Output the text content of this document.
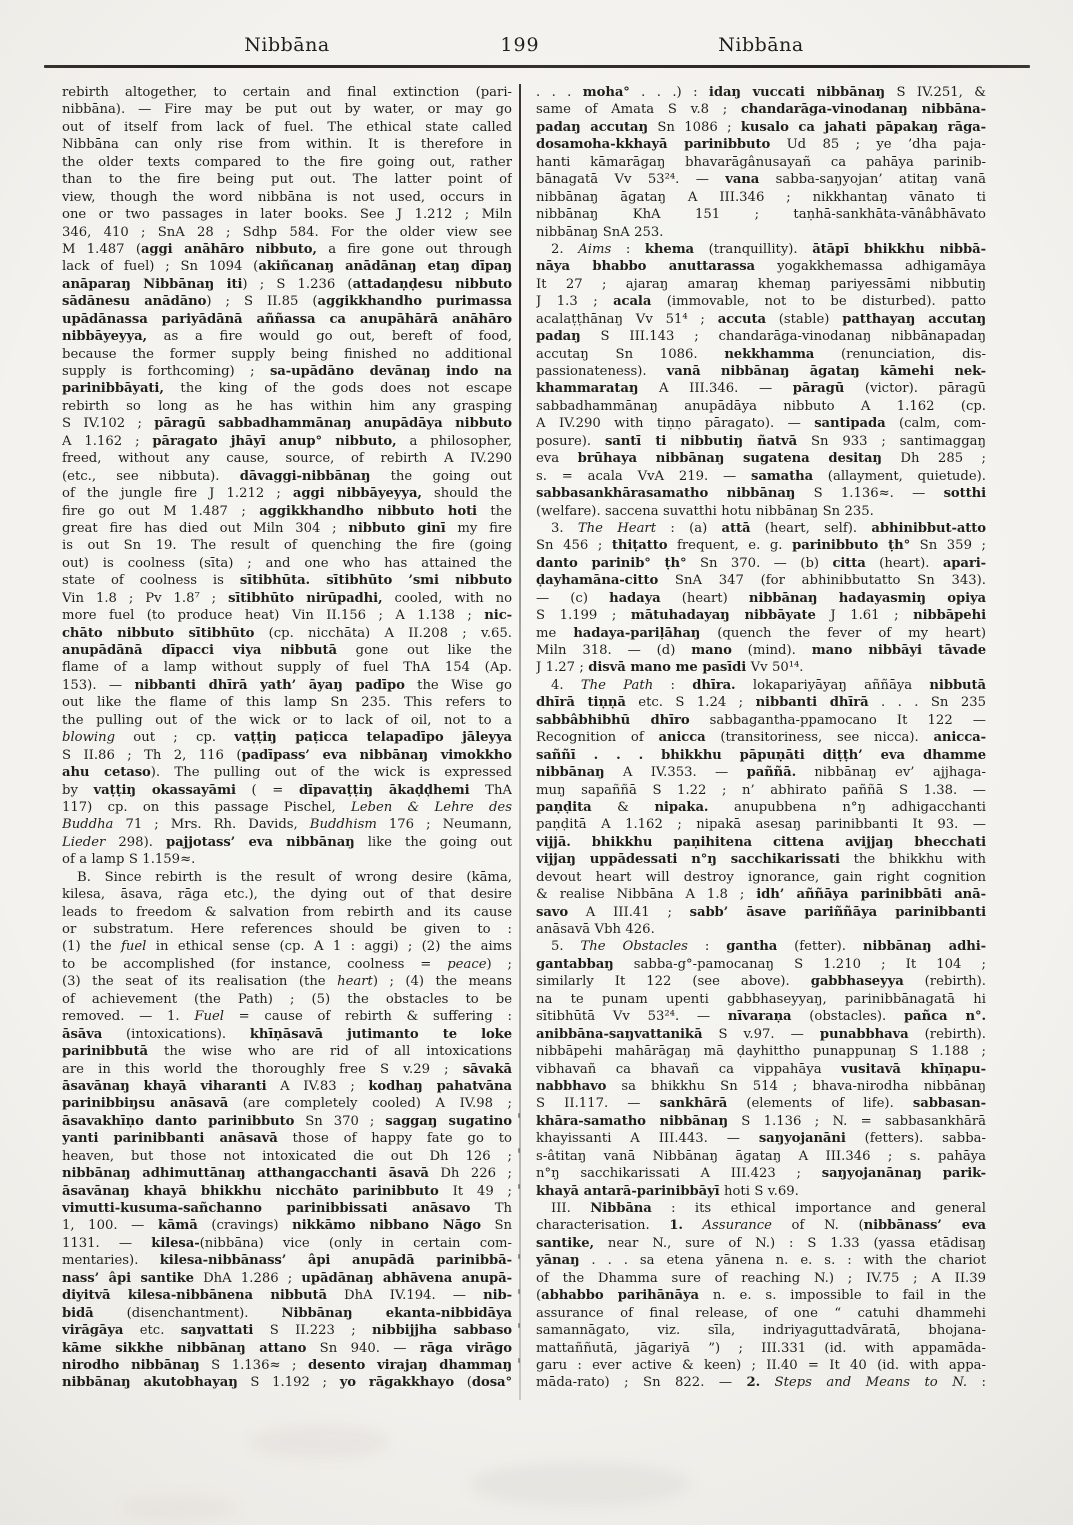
Nibbāna	199	Nibbāna
rebirth altogether, to certain and final extinction (pari-
nibbāna). — Fire may be put out by water, or may go
out of itself from lack of fuel. The ethical state called
Nibbāna can only rise from within. It is therefore in
the older texts compared to the fire going out, rather
than to the fire being put out. The latter point of
view, though the word nibbāna is not used, occurs in
one or two passages in later books. See J 1.212 ; Miln
346, 410 ; SnA 28 ; Sdhp 584. For the older view see
M 1.487 (aggi anāhāro nibbuto, a fire gone out through
lack of fuel) ; Sn 1094 (akiñcanaŋ anādānaŋ etaŋ dīpaŋ
anāparaŋ Nibbānaŋ iti) ; S 1.236 (attadaṇḍesu nibbuto
sādānesu anādāno) ; S II.85 (aggikkhandho purimassa
upādānassa pariyādānā aññassa ca anupāhārā anāhāro
nibbāyeyya, as a fire would go out, bereft of food,
because the former supply being finished no additional
supply is forthcoming) ; sa-upādāno devānaŋ indo na
parinibbāyati, the king of the gods does not escape
rebirth so long as he has within him any grasping
S IV.102 ; pāragū sabbadhammānaŋ anupādāya nibbuto
A 1.162 ; pāragato jhāyī anup° nibbuto, a philosopher,
freed, without any cause, source, of rebirth A IV.290
(etc., see nibbuta). dāvaggi-nibbānaŋ the going out
of the jungle fire J 1.212 ; aggi nibbāyeyya, should the
fire go out M 1.487 ; aggikkhandho nibbuto hoti the
great fire has died out Miln 304 ; nibbuto ginī my fire
is out Sn 19. The result of quenching the fire (going
out) is coolness (sīta) ; and one who has attained the
state of coolness is sītibhūta. sītibhūto ’smi nibbuto
Vin 1.8 ; Pv 1.8⁷ ; sītibhūto nirūpadhi, cooled, with no
more fuel (to produce heat) Vin II.156 ; A 1.138 ; nic-
chāto nibbuto sītibhūto (cp. nicchāta) A II.208 ; v.65.
anupādānā dīpacci viya nibbutā gone out like the
flame of a lamp without supply of fuel ThA 154 (Ap.
153). — nibbanti dhīrā yath’ āyaŋ padīpo the Wise go
out like the flame of this lamp Sn 235. This refers to
the pulling out of the wick or to lack of oil, not to a
blowing out ; cp. vaṭṭiŋ paṭicca telapadīpo jāleyya
S II.86 ; Th 2, 116 (padīpass’ eva nibbānaŋ vimokkho
ahu cetaso). The pulling out of the wick is expressed
by vaṭṭiŋ okassayāmi ( = dīpavaṭṭiŋ ākaḍḍhemi ThA
117) cp. on this passage Pischel, Leben & Lehre des
Buddha 71 ; Mrs. Rh. Davids, Buddhism 176 ; Neumann,
Lieder 298). pajjotass’ eva nibbānaŋ like the going out
of a lamp S 1.159≈.
B. Since rebirth is the result of wrong desire (kāma,
kilesa, āsava, rāga etc.), the dying out of that desire
leads to freedom & salvation from rebirth and its cause
or substratum. Here references should be given to :
(1) the fuel in ethical sense (cp. A 1 : aggi) ; (2) the aims
to be accomplished (for instance, coolness = peace) ;
(3) the seat of its realisation (the heart) ; (4) the means
of achievement (the Path) ; (5) the obstacles to be
removed. — 1. Fuel = cause of rebirth & suffering :
āsāva (intoxications). khīṇāsavā jutimanto te loke
parinibbutā the wise who are rid of all intoxications
are in this world the thoroughly free S v.29 ; sāvakā
āsavānaŋ khayā viharanti A IV.83 ; kodhaŋ pahatvāna
parinibbiŋsu anāsavā (are completely cooled) A IV.98 ;
āsavakhīṇo danto parinibbuto Sn 370 ; saggaŋ sugatino
yanti parinibbanti anāsavā those of happy fate go to
heaven, but those not intoxicated die out Dh 126 ;
nibbānaŋ adhimuttānaŋ atthangacchanti āsavā Dh 226 ;
āsavānaŋ khayā bhikkhu nicchāto parinibbuto It 49 ;
vimutti-kusuma-sañchanno parinibbissati anāsavo Th
1, 100. — kāmā (cravings) nikkāmo nibbano Nāgo Sn
1131. — kilesa-(nibbāna) vice (only in certain com-
mentaries). kilesa-nibbānass’ âpi anupādā parinibbā-
nass’ âpi santike DhA 1.286 ; upādānaŋ abhāvena anupā-
diyitvā kilesa-nibbānena nibbutā DhA IV.194. — nib-
bidā (disenchantment). Nibbānaŋ ekanta-nibbidāya
virāgāya etc. saŋvattati S II.223 ; nibbijjha sabbaso
kāme sikkhe nibbānaŋ attano Sn 940. — rāga virāgo
nirodho nibbānaŋ S 1.136≈ ; desento virajaŋ dhammaŋ
nibbānaŋ akutobhayaŋ S 1.192 ; yo rāgakkhayo (dosa°
. . . moha° . . .) : idaŋ vuccati nibbānaŋ S IV.251, &
same of Amata S v.8 ; chandarāga-vinodanaŋ nibbāna-
padaŋ accutaŋ Sn 1086 ; kusalo ca jahati pāpakaŋ rāga-
dosamoha-kkhayā parinibbuto Ud 85 ; ye ’dha paja-
hanti kāmarāgaŋ bhavarāgânusayañ ca pahāya parinib-
bānagatā Vv 53²⁴. — vana sabba-saŋyojan’ atitaŋ vanā
nibbānaŋ āgataŋ A III.346 ; nikkhantaŋ vānato ti
nibbānaŋ KhA 151 ; taṇhā-sankhāta-vānâbhāvato
nibbānaŋ SnA 253.
2. Aims : khema (tranquillity). ātāpī bhikkhu nibbā-
nāya bhabbo anuttarassa yogakkhemassa adhigamāya
It 27 ; ajaraŋ amaraŋ khemaŋ pariyessāmi nibbutiŋ
J 1.3 ; acala (immovable, not to be disturbed). patto
acalaṭṭhānaŋ Vv 51⁴ ; accuta (stable) patthayaŋ accutaŋ
padaŋ S III.143 ; chandarāga-vinodanaŋ nibbānapadaŋ
accutaŋ Sn 1086. nekkhamma (renunciation, dis-
passionateness). vanā nibbānaŋ āgataŋ kāmehi nek-
khammarataŋ A III.346. — pāragū (victor). pāragū
sabbadhammānaŋ anupādāya nibbuto A 1.162 (cp.
A IV.290 with tiṇṇo pāragato). — santipada (calm, com-
posure). santī ti nibbutiŋ ñatvā Sn 933 ; santimaggaŋ
eva brūhaya nibbānaŋ sugatena desitaŋ Dh 285 ;
s. = acala VvA 219. — samatha (allayment, quietude).
sabbasankhārasamatho nibbānaŋ S 1.136≈. — sotthi
(welfare). saccena suvatthi hotu nibbānaŋ Sn 235.
3. The Heart : (a) attā (heart, self). abhinibbut-atto
Sn 456 ; thiṭatto frequent, e. g. parinibbuto ṭh° Sn 359 ;
danto parinib° ṭh° Sn 370. — (b) citta (heart). apari-
ḍayhamāna-citto SnA 347 (for abhinibbutatto Sn 343).
— (c) hadaya (heart) nibbānaŋ hadayasmiŋ opiya
S 1.199 ; mātuhadayaŋ nibbāyate J 1.61 ; nibbāpehi
me hadaya-pariḷāhaŋ (quench the fever of my heart)
Miln 318. — (d) mano (mind). mano nibbāyi tāvade
J 1.27 ; disvā mano me pasīdi Vv 50¹⁴.
4. The Path : dhīra. lokapariyāyaŋ aññāya nibbutā
dhīrā tiṇṇā etc. S 1.24 ; nibbanti dhīrā . . . Sn 235
sabbâbhibhū dhīro sabbagantha-ppamocano It 122 —
Recognition of anicca (transitoriness, see nicca). anicca-
saññī . . . bhikkhu pāpuṇāti diṭṭh’ eva dhamme
nibbānaŋ A IV.353. — paññā. nibbānaŋ ev’ ajjhaga-
muŋ sapaññā S 1.22 ; n’ abhirato paññā S 1.38. —
paṇḍita & nipaka. anupubbena n°ŋ adhigacchanti
paṇḍitā A 1.162 ; nipakā asesaŋ parinibbanti It 93. —
vijjā. bhikkhu paṇihitena cittena avijjaŋ bhecchati
vijjaŋ uppādessati n°ŋ sacchikarissati the bhikkhu with
devout heart will destroy ignorance, gain right cognition
& realise Nibbāna A 1.8 ; idh’ aññāya parinibbāti anā-
savo A III.41 ; sabb’ āsave pariññāya parinibbanti
anāsavā Vbh 426.
5. The Obstacles : gantha (fetter). nibbānaŋ adhi-
gantabbaŋ sabba-g°-pamocanaŋ S 1.210 ; It 104 ;
similarly It 122 (see above). gabbhaseyya (rebirth).
na te punam upenti gabbhaseyyaŋ, parinibbānagatā hi
sītibhūtā Vv 53²⁴. — nīvaraṇa (obstacles). pañca n°.
anibbāna-saŋvattanikā S v.97. — punabbhava (rebirth).
nibbāpehi mahārāgaŋ mā ḍayhittho punappunaŋ S 1.188 ;
vibhavañ ca bhavañ ca vippahāya vusitavā khīṇapu-
nabbhavo sa bhikkhu Sn 514 ; bhava-nirodha nibbānaŋ
S II.117. — sankhārā (elements of life). sabbasan-
khāra-samatho nibbānaŋ S 1.136 ; N. = sabbasankhārā
khayissanti A III.443. — saŋyojanāni (fetters). sabba-
s-âtitaŋ vanā Nibbānaŋ āgataŋ A III.346 ; s. pahāya
n°ŋ sacchikarissati A III.423 ; saŋyojanānaŋ parik-
khayā antarā-parinibbāyī hoti S v.69.
III. Nibbāna : its ethical importance and general
characterisation. 1. Assurance of N. (nibbānass’ eva
santike, near N., sure of N.) : S 1.33 (yassa etādisaŋ
yānaŋ . . . sa etena yānena n. e. s. : with the chariot
of the Dhamma sure of reaching N.) ; IV.75 ; A II.39
(abhabbo parihānāya n. e. s. impossible to fail in the
assurance of final release, of one “ catuhi dhammehi
samannāgato, viz. sīla, indriyaguttadvāratā, bhojana-
mattaññutā, jāgariyā ”) ; III.331 (id. with appamāda-
garu : ever active & keen) ; II.40 = It 40 (id. with appa-
māda-rato) ; Sn 822. — 2. Steps and Means to N. :
